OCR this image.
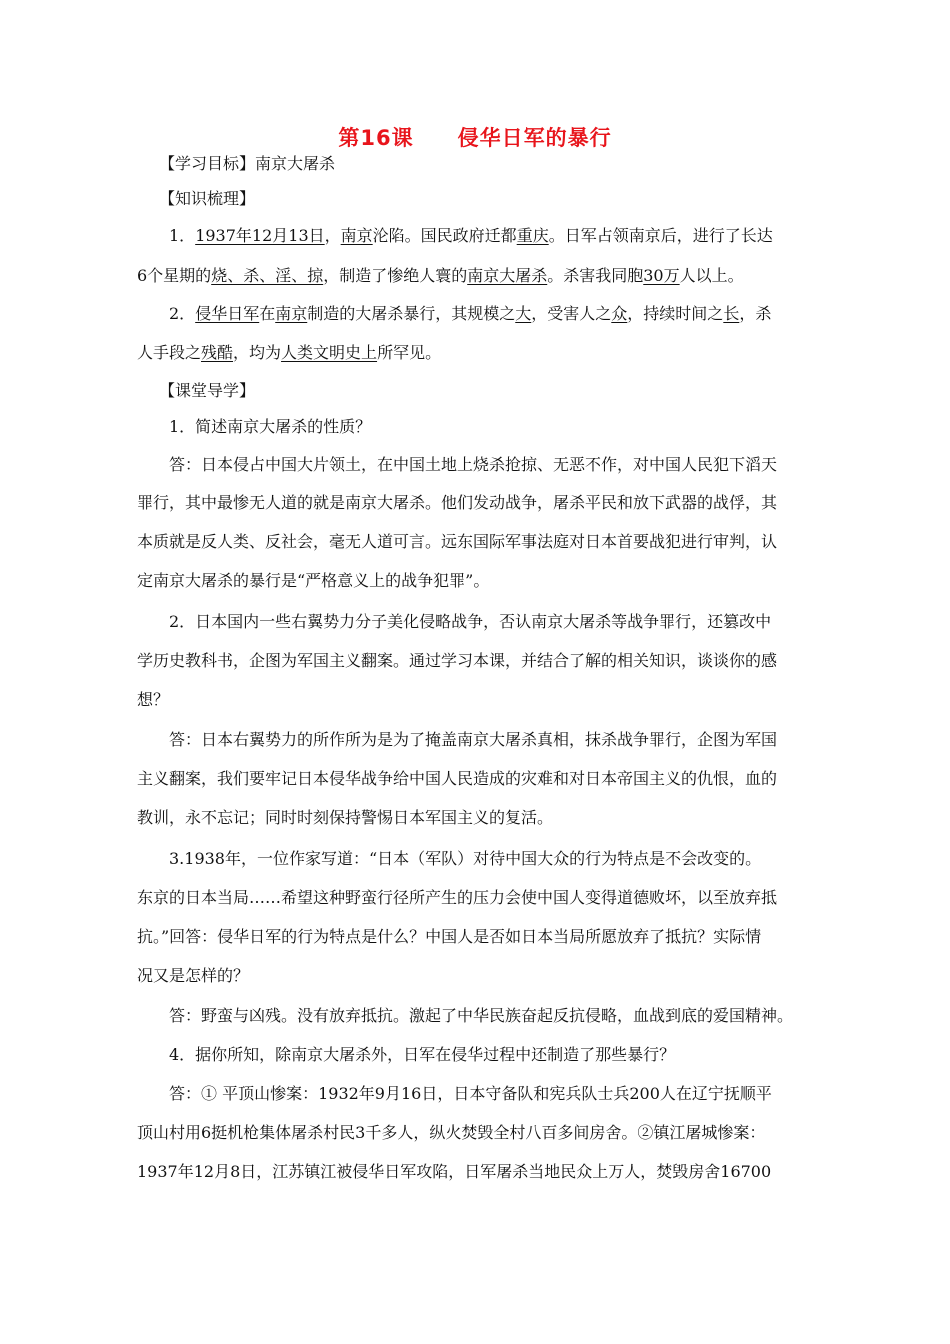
第16课 侵华日军的暴行
【学习目标】南京大屠杀
【知识梳理】
1．1937年12月13日，南京沦陷。国民政府迁都重庆。日军占领南京后，进行了长达
6个星期的烧、杀、淫、掠，制造了惨绝人寰的南京大屠杀。杀害我同胞30万人以上。
2．侵华日军在南京制造的大屠杀暴行，其规模之大，受害人之众，持续时间之长，杀
人手段之残酷，均为人类文明史上所罕见。
【课堂导学】
1．简述南京大屠杀的性质？
答：日本侵占中国大片领土，在中国土地上烧杀抢掠、无恶不作，对中国人民犯下滔天
罪行，其中最惨无人道的就是南京大屠杀。他们发动战争，屠杀平民和放下武器的战俘，其
本质就是反人类、反社会，毫无人道可言。远东国际军事法庭对日本首要战犯进行审判，认
定南京大屠杀的暴行是“严格意义上的战争犯罪”。
2．日本国内一些右翼势力分子美化侵略战争，否认南京大屠杀等战争罪行，还篡改中
学历史教科书，企图为军国主义翻案。通过学习本课，并结合了解的相关知识，谈谈你的感
想？
答：日本右翼势力的所作所为是为了掩盖南京大屠杀真相，抹杀战争罪行，企图为军国
主义翻案，我们要牢记日本侵华战争给中国人民造成的灾难和对日本帝国主义的仇恨，血的
教训，永不忘记；同时时刻保持警惕日本军国主义的复活。
3.1938年，一位作家写道：“日本（军队）对待中国大众的行为特点是不会改变的。
东京的日本当局……希望这种野蛮行径所产生的压力会使中国人变得道德败坏，以至放弃抵
抗。”回答：侵华日军的行为特点是什么？中国人是否如日本当局所愿放弃了抵抗？实际情
况又是怎样的？
答：野蛮与凶残。没有放弃抵抗。激起了中华民族奋起反抗侵略，血战到底的爱国精神。
4．据你所知，除南京大屠杀外，日军在侵华过程中还制造了那些暴行？
答：① 平顶山惨案：1932年9月16日，日本守备队和宪兵队士兵200人在辽宁抚顺平
顶山村用6挺机枪集体屠杀村民3千多人，纵火焚毁全村八百多间房舍。②镇江屠城惨案：
1937年12月8日，江苏镇江被侵华日军攻陷，日军屠杀当地民众上万人，焚毁房舍16700
